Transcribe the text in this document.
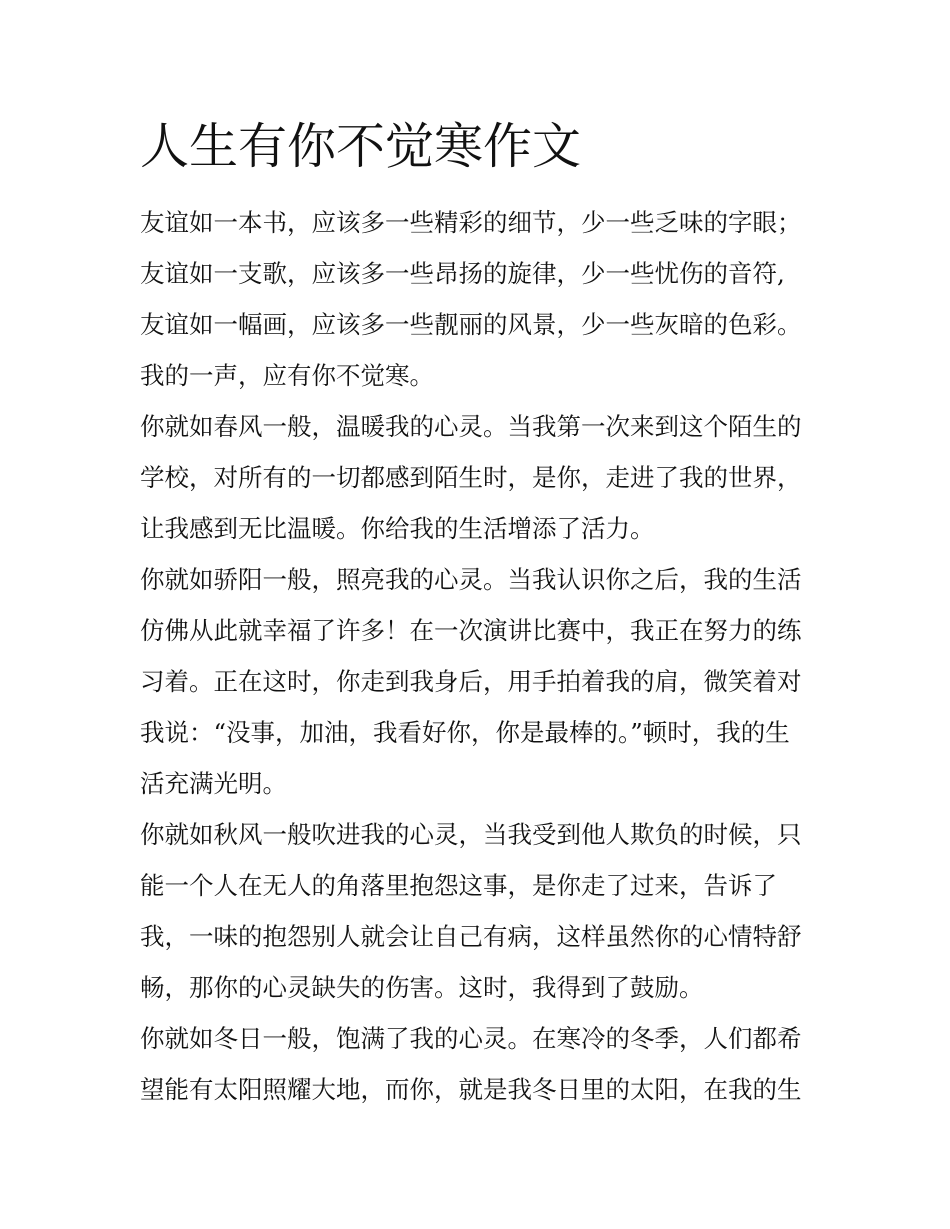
人生有你不觉寒作文

友谊如一本书，应该多一些精彩的细节，少一些乏味的字眼；

友谊如一支歌，应该多一些昂扬的旋律，少一些忧伤的音符,

友谊如一幅画，应该多一些靓丽的风景，少一些灰暗的色彩。

我的一声，应有你不觉寒。

你就如春风一般，温暖我的心灵。当我第一次来到这个陌生的

学校，对所有的一切都感到陌生时，是你，走进了我的世界，

让我感到无比温暖。你给我的生活增添了活力。

你就如骄阳一般，照亮我的心灵。当我认识你之后，我的生活

仿佛从此就幸福了许多！在一次演讲比赛中，我正在努力的练

习着。正在这时，你走到我身后，用手拍着我的肩，微笑着对

我说：“没事，加油，我看好你，你是最棒的。”顿时，我的生

活充满光明。

你就如秋风一般吹进我的心灵，当我受到他人欺负的时候，只

能一个人在无人的角落里抱怨这事，是你走了过来，告诉了

我，一味的抱怨别人就会让自己有病，这样虽然你的心情特舒

畅，那你的心灵缺失的伤害。这时，我得到了鼓励。

你就如冬日一般，饱满了我的心灵。在寒冷的冬季，人们都希

望能有太阳照耀大地，而你，就是我冬日里的太阳，在我的生
